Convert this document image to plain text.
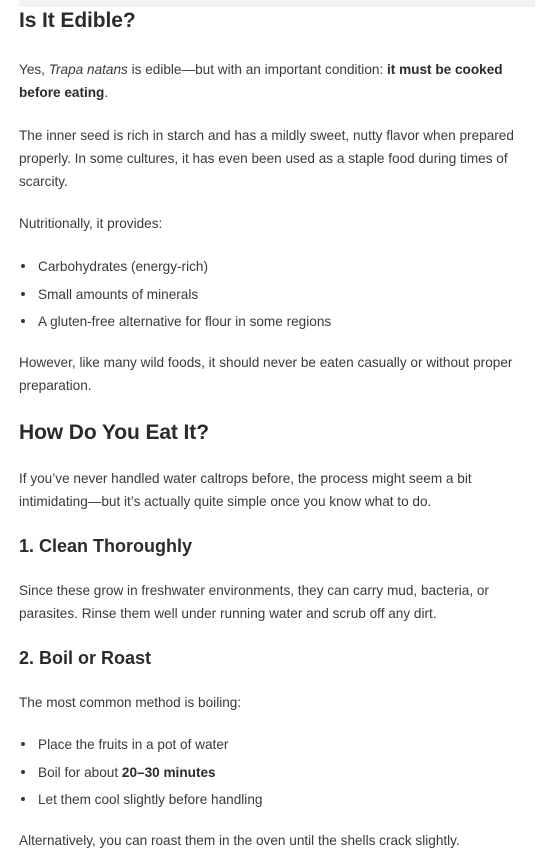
Is It Edible?

Yes, Trapa natans is edible—but with an important condition: it must be cooked before eating.

The inner seed is rich in starch and has a mildly sweet, nutty flavor when prepared properly. In some cultures, it has even been used as a staple food during times of scarcity.

Nutritionally, it provides:

Carbohydrates (energy-rich)
Small amounts of minerals
A gluten-free alternative for flour in some regions

However, like many wild foods, it should never be eaten casually or without proper preparation.

How Do You Eat It?

If you’ve never handled water caltrops before, the process might seem a bit intimidating—but it’s actually quite simple once you know what to do.

1. Clean Thoroughly

Since these grow in freshwater environments, they can carry mud, bacteria, or parasites. Rinse them well under running water and scrub off any dirt.

2. Boil or Roast

The most common method is boiling:

Place the fruits in a pot of water
Boil for about 20–30 minutes
Let them cool slightly before handling

Alternatively, you can roast them in the oven until the shells crack slightly.
